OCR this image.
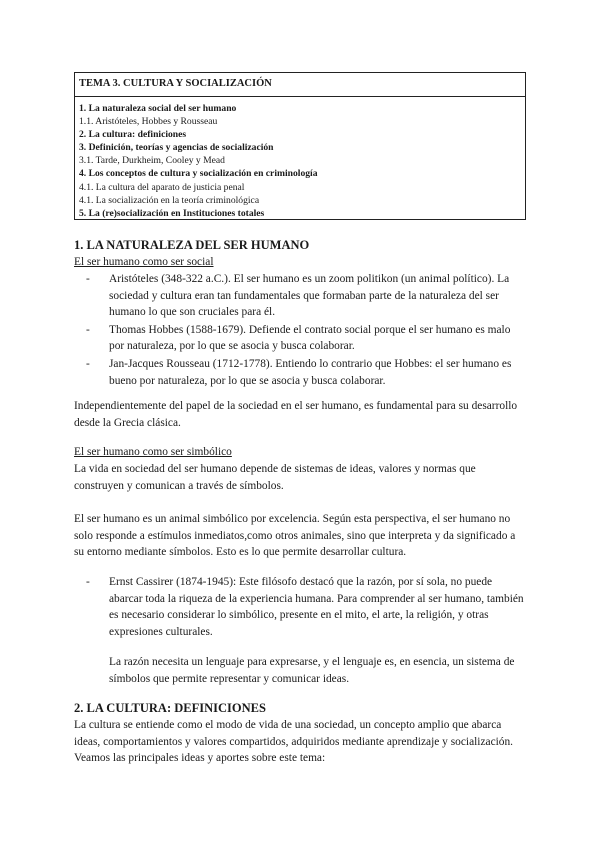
TEMA 3. CULTURA Y SOCIALIZACIÓN
1. La naturaleza social del ser humano
1.1. Aristóteles, Hobbes y Rousseau
2. La cultura: definiciones
3. Definición, teorías y agencias de socialización
3.1. Tarde, Durkheim, Cooley y Mead
4. Los conceptos de cultura y socialización en criminología
4.1. La cultura del aparato de justicia penal
4.1. La socialización en la teoría criminológica
5. La (re)socialización en Instituciones totales
1. LA NATURALEZA DEL SER HUMANO
El ser humano como ser social
- Aristóteles (348-322 a.C.). El ser humano es un zoom politikon (un animal político). La sociedad y cultura eran tan fundamentales que formaban parte de la naturaleza del ser humano lo que son cruciales para él.
- Thomas Hobbes (1588-1679). Defiende el contrato social porque el ser humano es malo por naturaleza, por lo que se asocia y busca colaborar.
- Jan-Jacques Rousseau (1712-1778). Entiendo lo contrario que Hobbes: el ser humano es bueno por naturaleza, por lo que se asocia y busca colaborar.
Independientemente del papel de la sociedad en el ser humano, es fundamental para su desarrollo desde la Grecia clásica.
El ser humano como ser simbólico
La vida en sociedad del ser humano depende de sistemas de ideas, valores y normas que construyen y comunican a través de símbolos.
El ser humano es un animal simbólico por excelencia. Según esta perspectiva, el ser humano no solo responde a estímulos inmediatos,como otros animales, sino que interpreta y da significado a su entorno mediante símbolos. Esto es lo que permite desarrollar cultura.
- Ernst Cassirer (1874-1945): Este filósofo destacó que la razón, por sí sola, no puede abarcar toda la riqueza de la experiencia humana. Para comprender al ser humano, también es necesario considerar lo simbólico, presente en el mito, el arte, la religión, y otras expresiones culturales.
La razón necesita un lenguaje para expresarse, y el lenguaje es, en esencia, un sistema de símbolos que permite representar y comunicar ideas.
2. LA CULTURA: DEFINICIONES
La cultura se entiende como el modo de vida de una sociedad, un concepto amplio que abarca ideas, comportamientos y valores compartidos, adquiridos mediante aprendizaje y socialización. Veamos las principales ideas y aportes sobre este tema:
